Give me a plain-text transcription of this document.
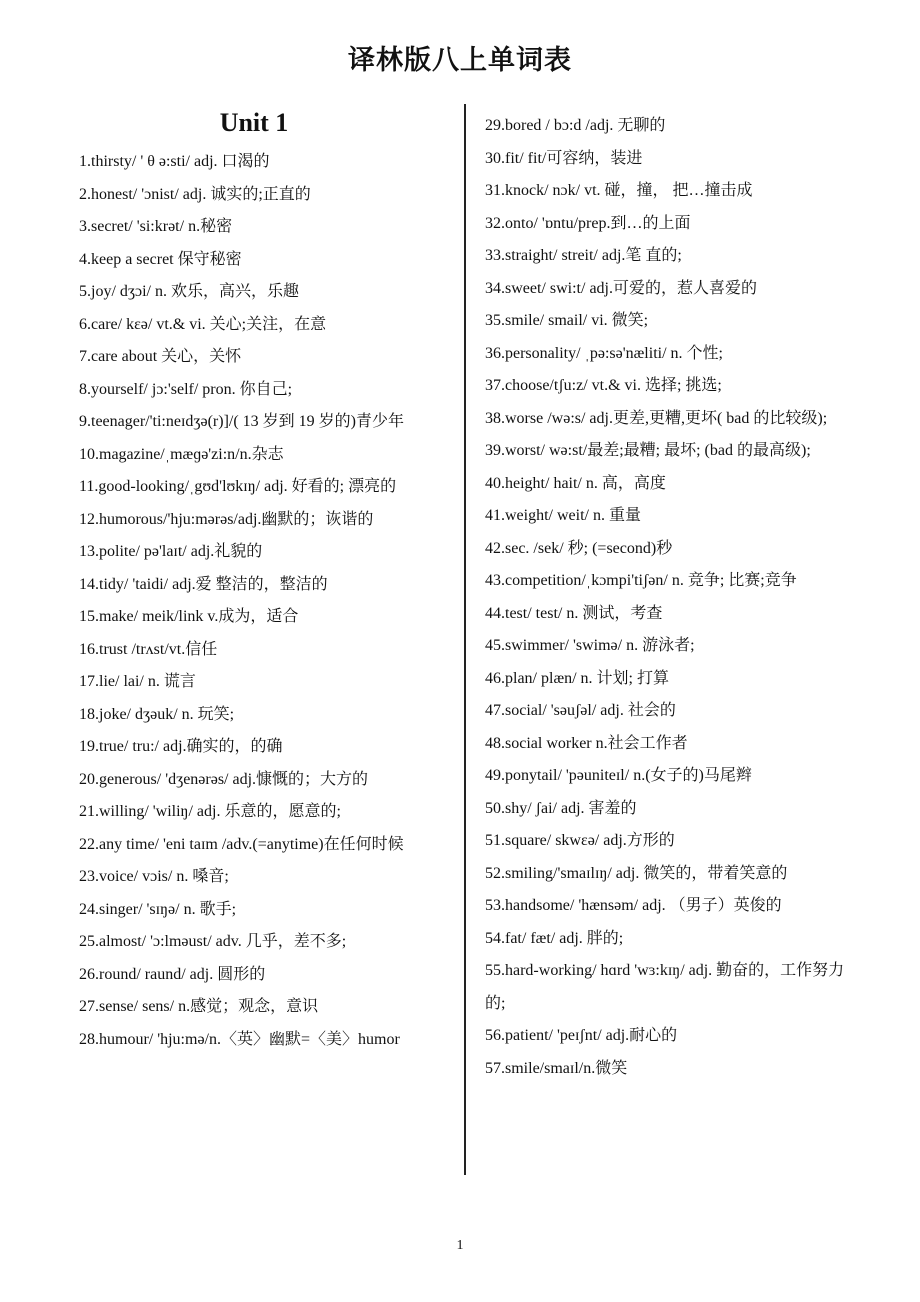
译林版八上单词表
Unit 1
1.thirsty/ ' θ ə:sti/ adj. 口渴的
2.honest/ 'ɔnist/ adj. 诚实的;正直的
3.secret/ 'si:krət/ n.秘密
4.keep a secret 保守秘密
5.joy/ dʒɔi/ n. 欢乐，高兴，乐趣
6.care/ kεə/ vt.& vi. 关心;关注，在意
7.care about 关心，关怀
8.yourself/ jɔ:'self/ pron. 你自己;
9.teenager/'ti:neɪdʒə(r)]/( 13 岁到 19 岁的)青少年
10.magazine/ˌmæɡə'zi:n/n.杂志
11.good-looking/ˌgʊd'lʊkɪŋ/ adj. 好看的; 漂亮的
12.humorous/'hju:mərəs/adj.幽默的；诙谐的
13.polite/ pə'laɪt/ adj.礼貌的
14.tidy/ 'taidi/ adj.爱 整洁的，整洁的
15.make/ meik/link v.成为，适合
16.trust /trʌst/vt.信任
17.lie/ lai/ n. 谎言
18.joke/ dʒəuk/ n. 玩笑;
19.true/ tru:/ adj.确实的，的确
20.generous/ 'dʒenərəs/ adj.慷慨的；大方的
21.willing/ 'wiliŋ/ adj. 乐意的，愿意的;
22.any time/ 'eni taɪm /adv.(=anytime)在任何时候
23.voice/ vɔis/ n. 嗓音;
24.singer/ 'sɪŋə/ n. 歌手;
25.almost/ 'ɔ:lməust/ adv. 几乎，差不多;
26.round/ raund/ adj. 圆形的
27.sense/ sens/ n.感觉；观念，意识
28.humour/ 'hju:mə/n.〈英〉幽默=〈美〉humor
29.bored / bɔ:d /adj. 无聊的
30.fit/ fit/可容纳，装进
31.knock/ nɔk/ vt. 碰，撞， 把…撞击成
32.onto/ 'ɒntu/prep.到…的上面
33.straight/ streit/ adj.笔 直的;
34.sweet/ swi:t/ adj.可爱的，惹人喜爱的
35.smile/ smail/ vi. 微笑;
36.personality/ ˌpə:sə'næliti/ n. 个性;
37.choose/tʃu:z/ vt.& vi. 选择; 挑选;
38.worse /wə:s/ adj.更差,更糟,更坏( bad 的比较级);
39.worst/ wə:st/最差;最糟; 最坏; (bad 的最高级);
40.height/ hait/ n. 高，高度
41.weight/ weit/ n. 重量
42.sec. /sek/ 秒; (=second)秒
43.competition/ˌkɔmpi'tiʃən/ n. 竞争; 比赛;竞争
44.test/ test/ n. 测试，考查
45.swimmer/ 'swimə/ n. 游泳者;
46.plan/ plæn/ n. 计划; 打算
47.social/ 'səuʃəl/ adj. 社会的
48.social worker n.社会工作者
49.ponytail/ 'pəuniteɪl/ n.(女子的)马尾辫
50.shy/ ʃai/ adj. 害羞的
51.square/ skwεə/ adj.方形的
52.smiling/'smaɪlɪŋ/ adj. 微笑的，带着笑意的
53.handsome/ 'hænsəm/ adj. （男子）英俊的
54.fat/ fæt/ adj. 胖的;
55.hard-working/ hɑrd 'wɜ:kɪŋ/ adj. 勤奋的，工作努力的;
56.patient/ 'peɪʃnt/ adj.耐心的
57.smile/smaɪl/n.微笑
1
